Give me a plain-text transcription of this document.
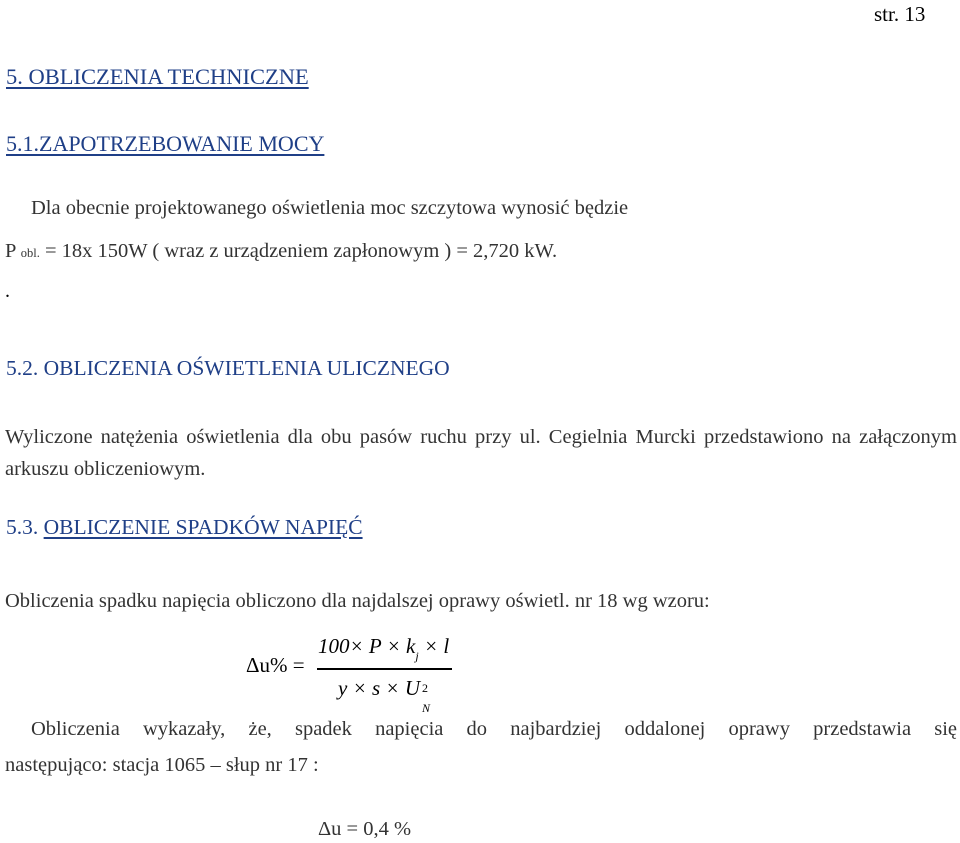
str. 13
5. OBLICZENIA TECHNICZNE
5.1.ZAPOTRZEBOWANIE MOCY
Dla obecnie projektowanego oświetlenia moc szczytowa wynosić będzie
P obl. = 18x 150W ( wraz z urządzeniem zapłonowym ) = 2,720 kW.
.
5.2. OBLICZENIA OŚWIETLENIA ULICZNEGO
Wyliczone natężenia oświetlenia dla obu pasów ruchu przy ul. Cegielnia Murcki przedstawiono na załączonym arkuszu obliczeniowym.
5.3. OBLICZENIE SPADKÓW NAPIĘĆ
Obliczenia spadku napięcia obliczono dla najdalszej oprawy oświetl. nr 18 wg wzoru:
Δu% =
$100\times P \times k_j \times l$
y × s × U 2
N
Obliczenia wykazały, że, spadek napięcia do najbardziej oddalonej oprawy przedstawia się
następująco: stacja 1065 – słup nr 17 :
Δu = 0,4 %
